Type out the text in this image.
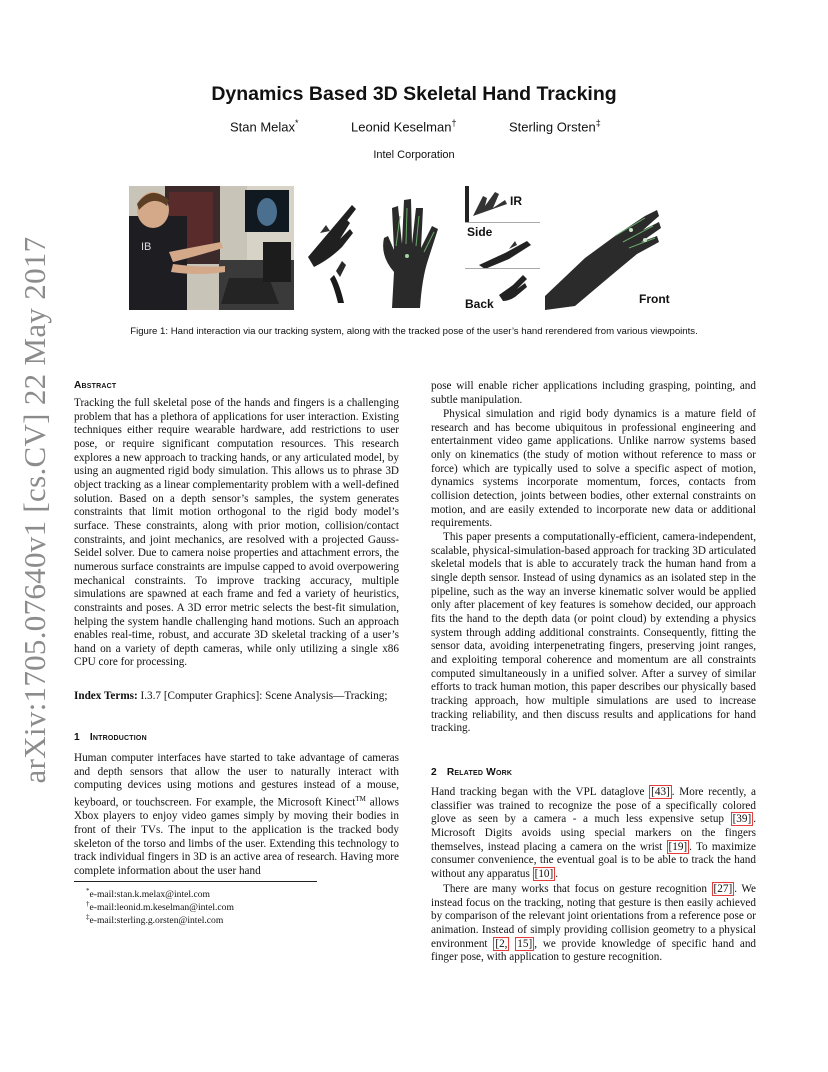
arXiv:1705.07640v1 [cs.CV] 22 May 2017
Dynamics Based 3D Skeletal Hand Tracking
Stan Melax*	Leonid Keselman†	Sterling Orsten‡
Intel Corporation
IB
IR
Side
Back	Front
Figure 1: Hand interaction via our tracking system, along with the tracked pose of the user’s hand rerendered from various viewpoints.
Abstract
Tracking the full skeletal pose of the hands and fingers is a challenging problem that has a plethora of applications for user interaction. Existing techniques either require wearable hardware, add restrictions to user pose, or require significant computation resources. This research explores a new approach to tracking hands, or any articulated model, by using an augmented rigid body simulation. This allows us to phrase 3D object tracking as a linear complementarity problem with a well-defined solution. Based on a depth sensor’s samples, the system generates constraints that limit motion orthogonal to the rigid body model’s surface. These constraints, along with prior motion, collision/contact constraints, and joint mechanics, are resolved with a projected Gauss-Seidel solver. Due to camera noise properties and attachment errors, the numerous surface constraints are impulse capped to avoid overpowering mechanical constraints. To improve tracking accuracy, multiple simulations are spawned at each frame and fed a variety of heuristics, constraints and poses. A 3D error metric selects the best-fit simulation, helping the system handle challenging hand motions. Such an approach enables real-time, robust, and accurate 3D skeletal tracking of a user’s hand on a variety of depth cameras, while only utilizing a single x86 CPU core for processing.
Index Terms: I.3.7 [Computer Graphics]: Scene Analysis—Tracking;
1 Introduction
Human computer interfaces have started to take advantage of cameras and depth sensors that allow the user to naturally interact with computing devices using motions and gestures instead of a mouse, keyboard, or touchscreen. For example, the Microsoft Kinect™ allows Xbox players to enjoy video games simply by moving their bodies in front of their TVs. The input to the application is the tracked body skeleton of the torso and limbs of the user. Extending this technology to track individual fingers in 3D is an active area of research. Having more complete information about the user hand
*e-mail:stan.k.melax@intel.com
†e-mail:leonid.m.keselman@intel.com
‡e-mail:sterling.g.orsten@intel.com
pose will enable richer applications including grasping, pointing, and subtle manipulation.
Physical simulation and rigid body dynamics is a mature field of research and has become ubiquitous in professional engineering and entertainment video game applications. Unlike narrow systems based only on kinematics (the study of motion without reference to mass or force) which are typically used to solve a specific aspect of motion, dynamics systems incorporate momentum, forces, contacts from collision detection, joints between bodies, other external constraints on motion, and are easily extended to incorporate new data or additional requirements.
This paper presents a computationally-efficient, camera-independent, scalable, physical-simulation-based approach for tracking 3D articulated skeletal models that is able to accurately track the human hand from a single depth sensor. Instead of using dynamics as an isolated step in the pipeline, such as the way an inverse kinematic solver would be applied only after placement of key features is somehow decided, our approach fits the hand to the depth data (or point cloud) by extending a physics system through adding additional constraints. Consequently, fitting the sensor data, avoiding interpenetrating fingers, preserving joint ranges, and exploiting temporal coherence and momentum are all constraints computed simultaneously in a unified solver. After a survey of similar efforts to track human motion, this paper describes our physically based tracking approach, how multiple simulations are used to increase tracking reliability, and then discuss results and applications for hand tracking.
2 Related Work
Hand tracking began with the VPL dataglove [43] . More recently, a classifier was trained to recognize the pose of a specifically colored glove as seen by a camera - a much less expensive setup [39] . Microsoft Digits avoids using special markers on the fingers themselves, instead placing a camera on the wrist [19] . To maximize consumer convenience, the eventual goal is to be able to track the hand without any apparatus [10] .
There are many works that focus on gesture recognition [27] . We instead focus on the tracking, noting that gesture is then easily achieved by comparison of the relevant joint orientations from a reference pose or animation. Instead of simply providing collision geometry to a physical environment [2, 15] , we provide knowledge of specific hand and finger pose, with application to gesture recognition.
